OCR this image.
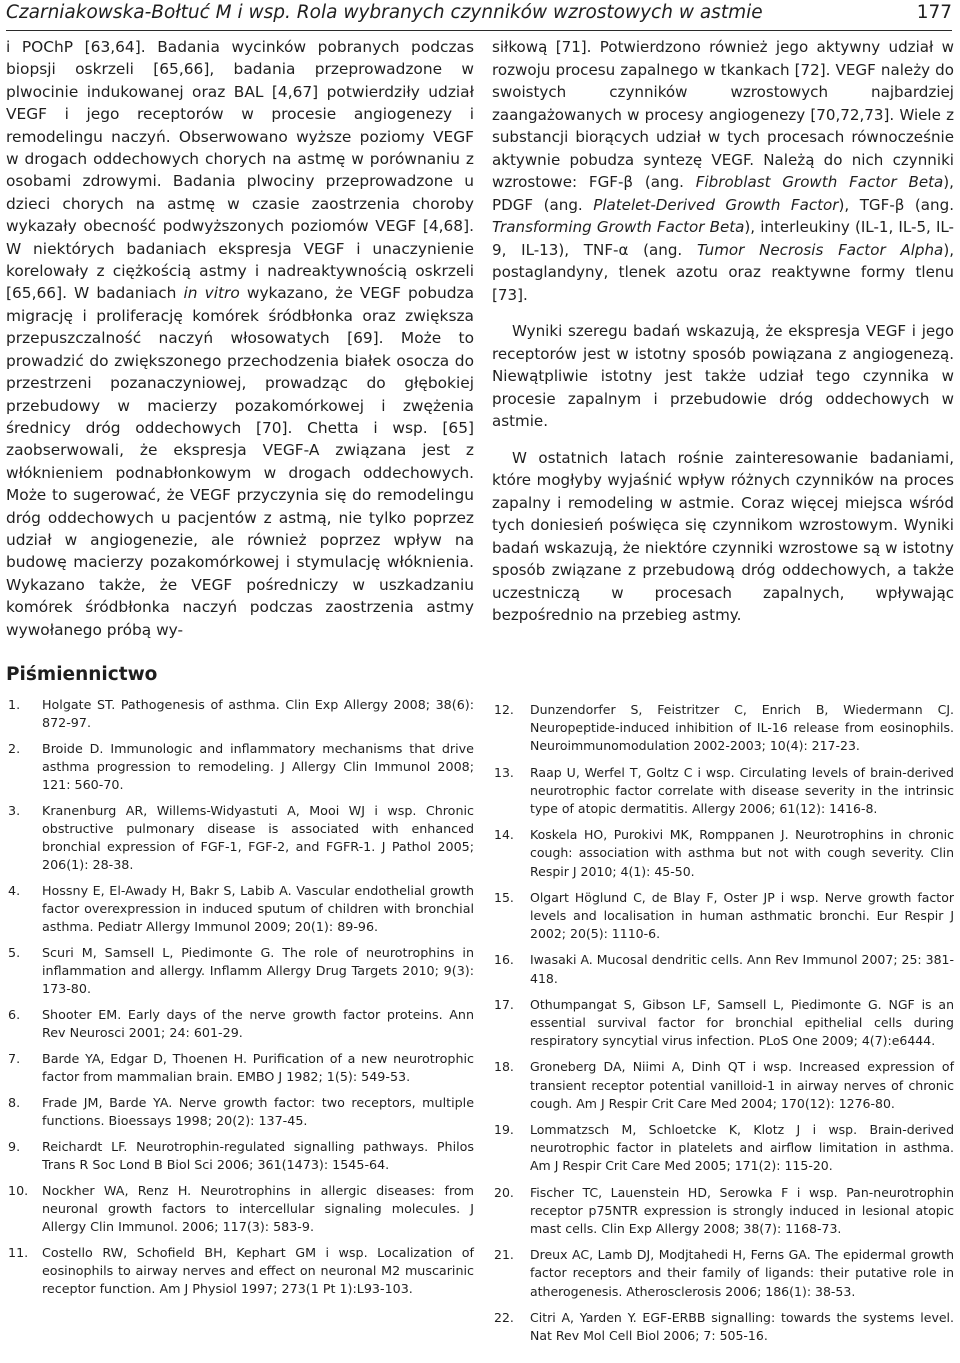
Czarniakowska-Bołtuć M i wsp. Rola wybranych czynników wzrostowych w astmie	177

i POChP [63,64]. Badania wycinków pobranych podczas biopsji oskrzeli [65,66], badania przeprowadzone w plwocinie indukowanej oraz BAL [4,67] potwierdziły udział VEGF i jego receptorów w procesie angiogenezy i remodelingu naczyń. Obserwowano wyższe poziomy VEGF w drogach oddechowych chorych na astmę w porównaniu z osobami zdrowymi. Badania plwociny przeprowadzone u dzieci chorych na astmę w czasie zaostrzenia choroby wykazały obecność podwyższonych poziomów VEGF [4,68]. W niektórych badaniach ekspresja VEGF i unaczynienie korelowały z ciężkością astmy i nadreaktywnością oskrzeli [65,66]. W badaniach in vitro wykazano, że VEGF pobudza migrację i proliferację komórek śródbłonka oraz zwiększa przepuszczalność naczyń włosowatych [69]. Może to prowadzić do zwiększonego przechodzenia białek osocza do przestrzeni pozanaczyniowej, prowadząc do głębokiej przebudowy w macierzy pozakomórkowej i zwężenia średnicy dróg oddechowych [70]. Chetta i wsp. [65] zaobserwowali, że ekspresja VEGF-A związana jest z włóknieniem podnabłonkowym w drogach oddechowych. Może to sugerować, że VEGF przyczynia się do remodelingu dróg oddechowych u pacjentów z astmą, nie tylko poprzez udział w angiogenezie, ale również poprzez wpływ na budowę macierzy pozakomórkowej i stymulację włóknienia. Wykazano także, że VEGF pośredniczy w uszkadzaniu komórek śródbłonka naczyń podczas zaostrzenia astmy wywołanego próbą wy-

siłkową [71]. Potwierdzono również jego aktywny udział w rozwoju procesu zapalnego w tkankach [72]. VEGF należy do swoistych czynników wzrostowych najbardziej zaangażowanych w procesy angiogenezy [70,72,73]. Wiele z substancji biorących udział w tych procesach równocześnie aktywnie pobudza syntezę VEGF. Należą do nich czynniki wzrostowe: FGF-β (ang. Fibroblast Growth Factor Beta), PDGF (ang. Platelet-Derived Growth Factor), TGF-β (ang. Transforming Growth Factor Beta), interleukiny (IL-1, IL-5, IL-9, IL-13), TNF-α (ang. Tumor Necrosis Factor Alpha), postaglandyny, tlenek azotu oraz reaktywne formy tlenu [73].

Wyniki szeregu badań wskazują, że ekspresja VEGF i jego receptorów jest w istotny sposób powiązana z angiogenezą. Niewątpliwie istotny jest także udział tego czynnika w procesie zapalnym i przebudowie dróg oddechowych w astmie.

W ostatnich latach rośnie zainteresowanie badaniami, które mogłyby wyjaśnić wpływ różnych czynników na proces zapalny i remodeling w astmie. Coraz więcej miejsca wśród tych doniesień poświęca się czynnikom wzrostowym. Wyniki badań wskazują, że niektóre czynniki wzrostowe są w istotny sposób związane z przebudową dróg oddechowych, a także uczestniczą w procesach zapalnych, wpływając bezpośrednio na przebieg astmy.

Piśmiennictwo
1. Holgate ST. Pathogenesis of asthma. Clin Exp Allergy 2008; 38(6): 872-97.
2. Broide D. Immunologic and inflammatory mechanisms that drive asthma progression to remodeling. J Allergy Clin Immunol 2008; 121: 560-70.
3. Kranenburg AR, Willems-Widyastuti A, Mooi WJ i wsp. Chronic obstructive pulmonary disease is associated with enhanced bronchial expression of FGF-1, FGF-2, and FGFR-1. J Pathol 2005; 206(1): 28-38.
4. Hossny E, El-Awady H, Bakr S, Labib A. Vascular endothelial growth factor overexpression in induced sputum of children with bronchial asthma. Pediatr Allergy Immunol 2009; 20(1): 89-96.
5. Scuri M, Samsell L, Piedimonte G. The role of neurotrophins in inflammation and allergy. Inflamm Allergy Drug Targets 2010; 9(3): 173-80.
6. Shooter EM. Early days of the nerve growth factor proteins. Ann Rev Neurosci 2001; 24: 601-29.
7. Barde YA, Edgar D, Thoenen H. Purification of a new neurotrophic factor from mammalian brain. EMBO J 1982; 1(5): 549-53.
8. Frade JM, Barde YA. Nerve growth factor: two receptors, multiple functions. Bioessays 1998; 20(2): 137-45.
9. Reichardt LF. Neurotrophin-regulated signalling pathways. Philos Trans R Soc Lond B Biol Sci 2006; 361(1473): 1545-64.
10. Nockher WA, Renz H. Neurotrophins in allergic diseases: from neuronal growth factors to intercellular signaling molecules. J Allergy Clin Immunol. 2006; 117(3): 583-9.
11. Costello RW, Schofield BH, Kephart GM i wsp. Localization of eosinophils to airway nerves and effect on neuronal M2 muscarinic receptor function. Am J Physiol 1997; 273(1 Pt 1):L93-103.
12. Dunzendorfer S, Feistritzer C, Enrich B, Wiedermann CJ. Neuropeptide-induced inhibition of IL-16 release from eosinophils. Neuroimmunomodulation 2002-2003; 10(4): 217-23.
13. Raap U, Werfel T, Goltz C i wsp. Circulating levels of brain-derived neurotrophic factor correlate with disease severity in the intrinsic type of atopic dermatitis. Allergy 2006; 61(12): 1416-8.
14. Koskela HO, Purokivi MK, Romppanen J. Neurotrophins in chronic cough: association with asthma but not with cough severity. Clin Respir J 2010; 4(1): 45-50.
15. Olgart Höglund C, de Blay F, Oster JP i wsp. Nerve growth factor levels and localisation in human asthmatic bronchi. Eur Respir J 2002; 20(5): 1110-6.
16. Iwasaki A. Mucosal dendritic cells. Ann Rev Immunol 2007; 25: 381-418.
17. Othumpangat S, Gibson LF, Samsell L, Piedimonte G. NGF is an essential survival factor for bronchial epithelial cells during respiratory syncytial virus infection. PLoS One 2009; 4(7):e6444.
18. Groneberg DA, Niimi A, Dinh QT i wsp. Increased expression of transient receptor potential vanilloid-1 in airway nerves of chronic cough. Am J Respir Crit Care Med 2004; 170(12): 1276-80.
19. Lommatzsch M, Schloetcke K, Klotz J i wsp. Brain-derived neurotrophic factor in platelets and airflow limitation in asthma. Am J Respir Crit Care Med 2005; 171(2): 115-20.
20. Fischer TC, Lauenstein HD, Serowka F i wsp. Pan-neurotrophin receptor p75NTR expression is strongly induced in lesional atopic mast cells. Clin Exp Allergy 2008; 38(7): 1168-73.
21. Dreux AC, Lamb DJ, Modjtahedi H, Ferns GA. The epidermal growth factor receptors and their family of ligands: their putative role in atherogenesis. Atherosclerosis 2006; 186(1): 38-53.
22. Citri A, Yarden Y. EGF-ERBB signalling: towards the systems level. Nat Rev Mol Cell Biol 2006; 7: 505-16.
